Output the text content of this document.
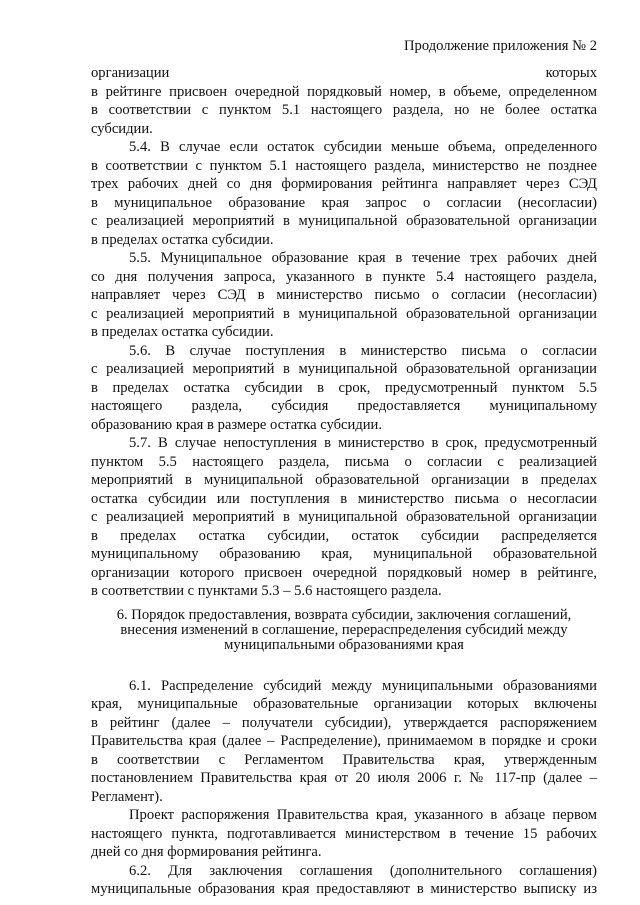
Продолжение приложения № 2
организации которых
в рейтинге присвоен очередной порядковый номер, в объеме, определенном
в соответствии с пунктом 5.1 настоящего раздела, но не более остатка
субсидии.
5.4. В случае если остаток субсидии меньше объема, определенного
в соответствии с пунктом 5.1 настоящего раздела, министерство не позднее
трех рабочих дней со дня формирования рейтинга направляет через СЭД
в муниципальное образование края запрос о согласии (несогласии)
с реализацией мероприятий в муниципальной образовательной организации
в пределах остатка субсидии.
5.5. Муниципальное образование края в течение трех рабочих дней
со дня получения запроса, указанного в пункте 5.4 настоящего раздела,
направляет через СЭД в министерство письмо о согласии (несогласии)
с реализацией мероприятий в муниципальной образовательной организации
в пределах остатка субсидии.
5.6. В случае поступления в министерство письма о согласии
с реализацией мероприятий в муниципальной образовательной организации
в пределах остатка субсидии в срок, предусмотренный пунктом 5.5
настоящего раздела, субсидия предоставляется муниципальному
образованию края в размере остатка субсидии.
5.7. В случае непоступления в министерство в срок, предусмотренный
пунктом 5.5 настоящего раздела, письма о согласии с реализацией
мероприятий в муниципальной образовательной организации в пределах
остатка субсидии или поступления в министерство письма о несогласии
с реализацией мероприятий в муниципальной образовательной организации
в пределах остатка субсидии, остаток субсидии распределяется
муниципальному образованию края, муниципальной образовательной
организации которого присвоен очередной порядковый номер в рейтинге,
в соответствии с пунктами 5.3 – 5.6 настоящего раздела.
6. Порядок предоставления, возврата субсидии, заключения соглашений,
внесения изменений в соглашение, перераспределения субсидий между
муниципальными образованиями края
6.1. Распределение субсидий между муниципальными образованиями
края, муниципальные образовательные организации которых включены
в рейтинг (далее – получатели субсидии), утверждается распоряжением
Правительства края (далее – Распределение), принимаемом в порядке и сроки
в соответствии с Регламентом Правительства края, утвержденным
постановлением Правительства края от 20 июля 2006 г. № 117-пр (далее –
Регламент).
Проект распоряжения Правительства края, указанного в абзаце первом
настоящего пункта, подготавливается министерством в течение 15 рабочих
дней со дня формирования рейтинга.
6.2. Для заключения соглашения (дополнительного соглашения)
муниципальные образования края предоставляют в министерство выписку из
